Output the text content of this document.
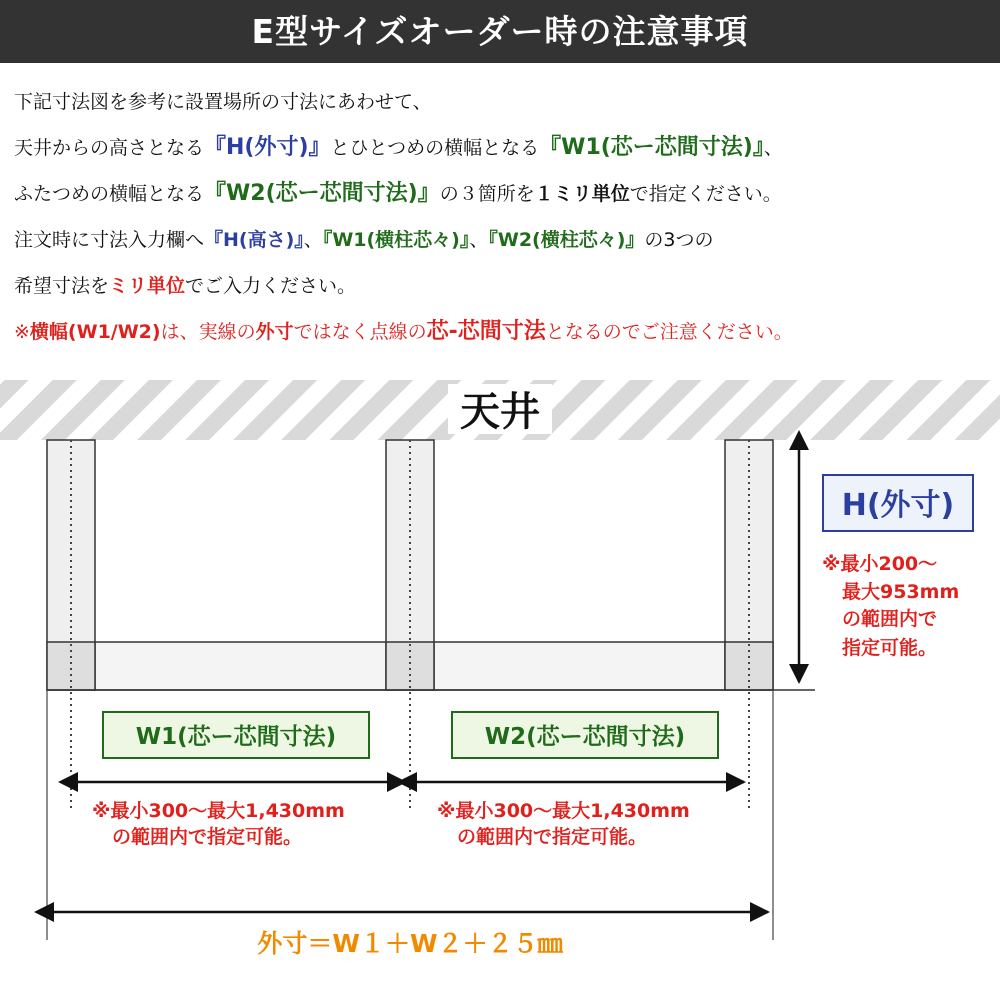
E型サイズオーダー時の注意事項
下記寸法図を参考に設置場所の寸法にあわせて、
天井からの高さとなる『H(外寸)』とひとつめの横幅となる『W1(芯ー芯間寸法)』、
ふたつめの横幅となる『W2(芯ー芯間寸法)』の３箇所を１ミリ単位で指定ください。
注文時に寸法入力欄へ『H(高さ)』、『W1(横柱芯々)』、『W2(横柱芯々)』の3つの
希望寸法をミリ単位でご入力ください。
※横幅(W1/W2)は、実線の外寸ではなく点線の芯-芯間寸法となるのでご注意ください。
天井
H(外寸)
※最小200～
最大953mm
の範囲内で
指定可能。
W1(芯ー芯間寸法)	W2(芯ー芯間寸法)
※最小300～最大1,430mm
の範囲内で指定可能。
※最小300～最大1,430mm
の範囲内で指定可能。
外寸＝W１＋W２＋２５㎜
